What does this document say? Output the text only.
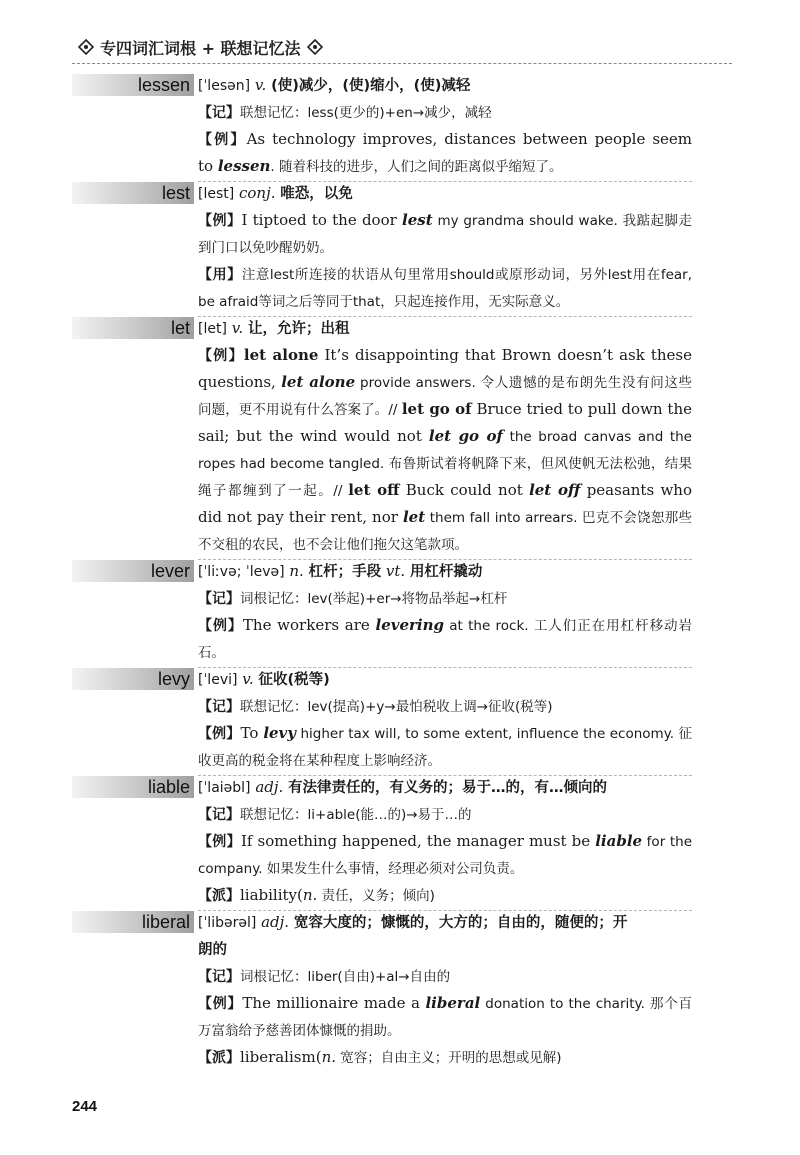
专四词汇词根 + 联想记忆法
lessen [ˈlesən] v. (使)减少，(使)缩小，(使)减轻
【记】联想记忆：less(更少的)+en→减少，减轻
【例】As technology improves, distances between people seem to lessen. 随着科技的进步，人们之间的距离似乎缩短了。
lest [lest] conj. 唯恐，以免
【例】I tiptoed to the door lest my grandma should wake. 我踮起脚走到门口以免吵醒奶奶。
【用】注意lest所连接的状语从句里常用should或原形动词，另外lest用在fear, be afraid等词之后等同于that，只起连接作用，无实际意义。
let [let] v. 让，允许；出租
【例】let alone It’s disappointing that Brown doesn’t ask these questions, let alone provide answers. 令人遗憾的是布朗先生没有问这些问题，更不用说有什么答案了。// let go of Bruce tried to pull down the sail; but the wind would not let go of the broad canvas and the ropes had become tangled. 布鲁斯试着将帆降下来，但风使帆无法松弛，结果绳子都缠到了一起。// let off Buck could not let off peasants who did not pay their rent, nor let them fall into arrears. 巴克不会饶恕那些不交租的农民，也不会让他们拖欠这笔款项。
lever [ˈliːvə; ˈlevə] n. 杠杆；手段 vt. 用杠杆撬动
【记】词根记忆：lev(举起)+er→将物品举起→杠杆
【例】The workers are levering at the rock. 工人们正在用杠杆移动岩石。
levy [ˈlevi] v. 征收(税等)
【记】联想记忆：lev(提高)+y→最怕税收上调→征收(税等)
【例】To levy higher tax will, to some extent, influence the economy. 征收更高的税金将在某种程度上影响经济。
liable [ˈlaiəbl] adj. 有法律责任的，有义务的；易于…的，有…倾向的
【记】联想记忆：li+able(能…的)→易于…的
【例】If something happened, the manager must be liable for the company. 如果发生什么事情，经理必须对公司负责。
【派】liability(n. 责任，义务；倾向)
liberal [ˈlibərəl] adj. 宽容大度的；慷慨的，大方的；自由的，随便的；开
朗的
【记】词根记忆：liber(自由)+al→自由的
【例】The millionaire made a liberal donation to the charity. 那个百万富翁给予慈善团体慷慨的捐助。
【派】liberalism(n. 宽容；自由主义；开明的思想或见解)
244
